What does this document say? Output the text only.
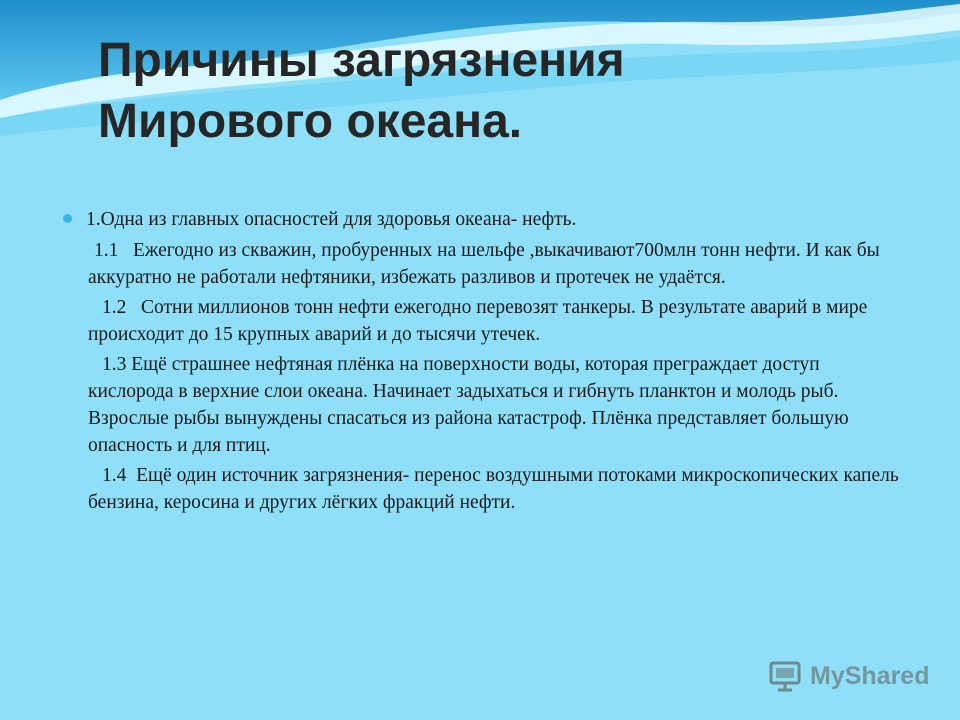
Причины загрязнения
Мирового океана.
1.Одна из главных опасностей для здоровья океана- нефть.
1.1 Ежегодно из скважин, пробуренных на шельфе ,выкачивают700млн тонн нефти. И как бы аккуратно не работали нефтяники, избежать разливов и протечек не удаётся.
1.2 Сотни миллионов тонн нефти ежегодно перевозят танкеры. В результате аварий в мире происходит до 15 крупных аварий и до тысячи утечек.
1.3 Ещё страшнее нефтяная плёнка на поверхности воды, которая преграждает доступ кислорода в верхние слои океана. Начинает задыхаться и гибнуть планктон и молодь рыб. Взрослые рыбы вынуждены спасаться из района катастроф. Плёнка представляет большую опасность и для птиц.
1.4 Ещё один источник загрязнения- перенос воздушными потоками микроскопических капель бензина, керосина и других лёгких фракций нефти.
MyShared
